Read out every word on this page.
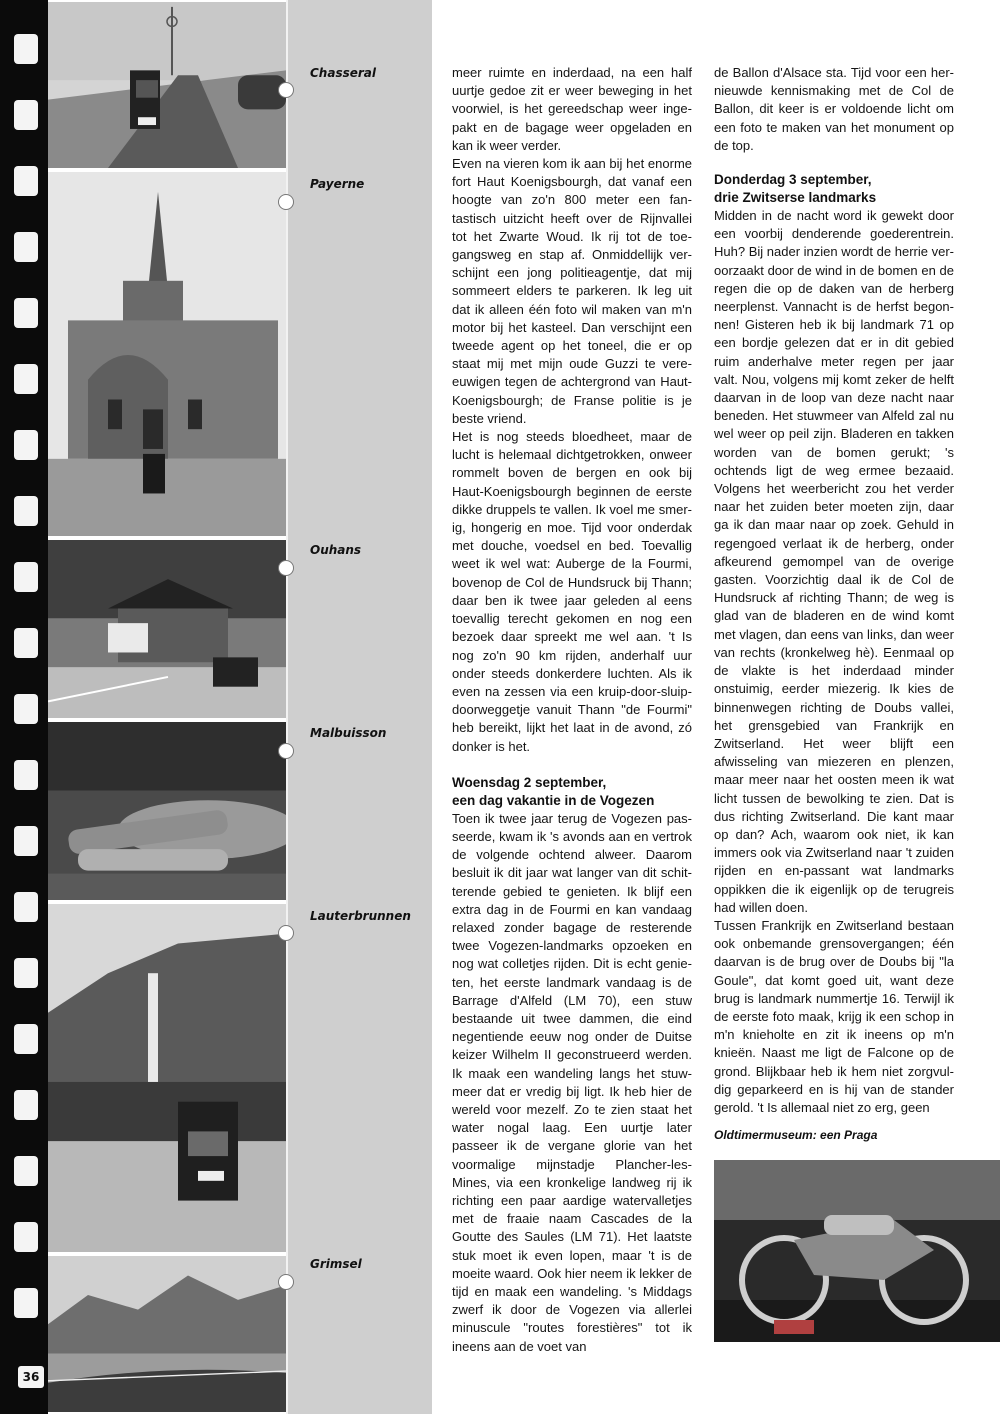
Chasseral
Payerne
Ouhans
Malbuisson
Lauterbrunnen
Grimsel
36

meer ruimte en inderdaad, na een half uurtje gedoe zit er weer beweging in het voorwiel, is het gereedschap weer ingepakt en de bagage weer opgeladen en kan ik weer verder.

Even na vieren kom ik aan bij het enorme fort Haut Koenigsbourgh, dat vanaf een hoogte van zo'n 800 meter een fantastisch uitzicht heeft over de Rijnvallei tot het Zwarte Woud. Ik rij tot de toegangsweg en stap af. Onmiddellijk verschijnt een jong politieagentje, dat mij sommeert elders te parkeren. Ik leg uit dat ik alleen één foto wil maken van m'n motor bij het kasteel. Dan verschijnt een tweede agent op het toneel, die er op staat mij met mijn oude Guzzi te vereeuwigen tegen de achtergrond van Haut-Koenigsbourgh; de Franse politie is je beste vriend.

Het is nog steeds bloedheet, maar de lucht is helemaal dichtgetrokken, onweer rommelt boven de bergen en ook bij Haut-Koenigsbourgh beginnen de eerste dikke druppels te vallen. Ik voel me smerig, hongerig en moe. Tijd voor onderdak met douche, voedsel en bed. Toevallig weet ik wel wat: Auberge de la Fourmi, bovenop de Col de Hundsruck bij Thann; daar ben ik twee jaar geleden al eens toevallig terecht gekomen en nog een bezoek daar spreekt me wel aan. 't Is nog zo'n 90 km rijden, anderhalf uur onder steeds donkerdere luchten. Als ik even na zessen via een kruip-door-sluip-doorweggetje vanuit Thann "de Fourmi" heb bereikt, lijkt het laat in de avond, zó donker is het.

Woensdag 2 september,
een dag vakantie in de Vogezen

Toen ik twee jaar terug de Vogezen passeerde, kwam ik 's avonds aan en vertrok de volgende ochtend alweer. Daarom besluit ik dit jaar wat langer van dit schitterende gebied te genieten. Ik blijf een extra dag in de Fourmi en kan vandaag relaxed zonder bagage de resterende twee Vogezen-landmarks opzoeken en nog wat colletjes rijden. Dit is echt genieten, het eerste landmark vandaag is de Barrage d'Alfeld (LM 70), een stuw bestaande uit twee dammen, die eind negentiende eeuw nog onder de Duitse keizer Wilhelm II geconstrueerd werden. Ik maak een wandeling langs het stuwmeer dat er vredig bij ligt. Ik heb hier de wereld voor mezelf. Zo te zien staat het water nogal laag. Een uurtje later passeer ik de vergane glorie van het voormalige mijnstadje Plancher-les-Mines, via een kronkelige landweg rij ik richting een paar aardige watervalletjes met de fraaie naam Cascades de la Goutte des Saules (LM 71). Het laatste stuk moet ik even lopen, maar 't is de moeite waard. Ook hier neem ik lekker de tijd en maak een wandeling. 's Middags zwerf ik door de Vogezen via allerlei minuscule "routes forestières" tot ik ineens aan de voet van

de Ballon d'Alsace sta. Tijd voor een hernieuwde kennismaking met de Col de Ballon, dit keer is er voldoende licht om een foto te maken van het monument op de top.

Donderdag 3 september,
drie Zwitserse landmarks

Midden in de nacht word ik gewekt door een voorbij denderende goederentrein. Huh? Bij nader inzien wordt de herrie veroorzaakt door de wind in de bomen en de regen die op de daken van de herberg neerplenst. Vannacht is de herfst begonnen! Gisteren heb ik bij landmark 71 op een bordje gelezen dat er in dit gebied ruim anderhalve meter regen per jaar valt. Nou, volgens mij komt zeker de helft daarvan in de loop van deze nacht naar beneden. Het stuwmeer van Alfeld zal nu wel weer op peil zijn. Bladeren en takken worden van de bomen gerukt; 's ochtends ligt de weg ermee bezaaid. Volgens het weerbericht zou het verder naar het zuiden beter moeten zijn, daar ga ik dan maar naar op zoek. Gehuld in regengoed verlaat ik de herberg, onder afkeurend gemompel van de overige gasten. Voorzichtig daal ik de Col de Hundsruck af richting Thann; de weg is glad van de bladeren en de wind komt met vlagen, dan eens van links, dan weer van rechts (kronkelweg hè). Eenmaal op de vlakte is het inderdaad minder onstuimig, eerder miezerig. Ik kies de binnenwegen richting de Doubs vallei, het grensgebied van Frankrijk en Zwitserland. Het weer blijft een afwisseling van miezeren en plenzen, maar meer naar het oosten meen ik wat licht tussen de bewolking te zien. Dat is dus richting Zwitserland. Die kant maar op dan? Ach, waarom ook niet, ik kan immers ook via Zwitserland naar 't zuiden rijden en en-passant wat landmarks oppikken die ik eigenlijk op de terugreis had willen doen.

Tussen Frankrijk en Zwitserland bestaan ook onbemande grensovergangen; één daarvan is de brug over de Doubs bij "la Goule", dat komt goed uit, want deze brug is landmark nummertje 16. Terwijl ik de eerste foto maak, krijg ik een schop in m'n knieholte en zit ik ineens op m'n knieën. Naast me ligt de Falcone op de grond. Blijkbaar heb ik hem niet zorgvuldig geparkeerd en is hij van de stander gerold. 't Is allemaal niet zo erg, geen

Oldtimermuseum: een Praga
